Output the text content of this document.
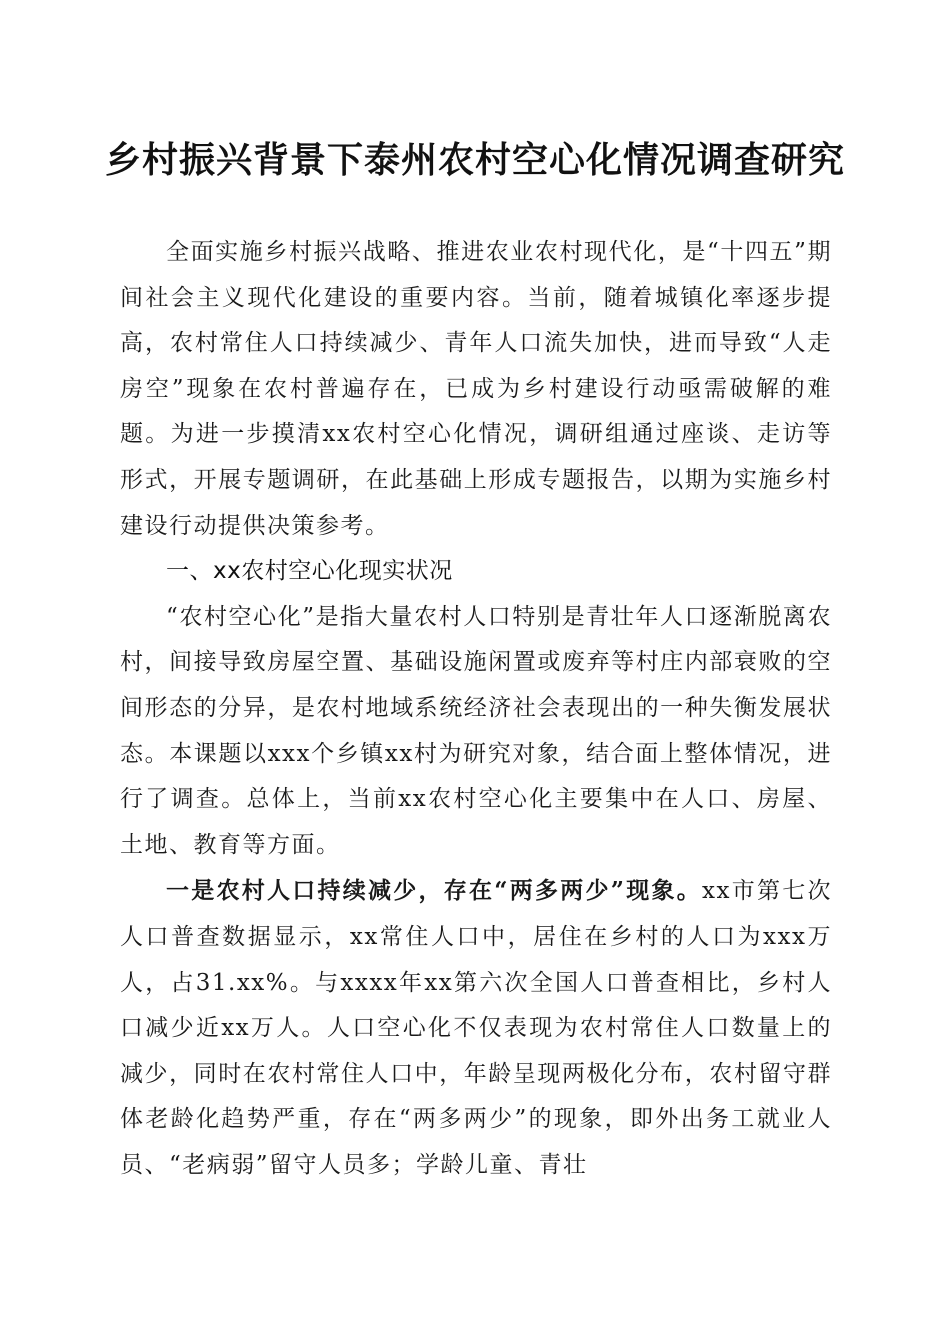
乡村振兴背景下泰州农村空心化情况调查研究

全面实施乡村振兴战略、推进农业农村现代化，是“十四五”期间社会主义现代化建设的重要内容。当前，随着城镇化率逐步提高，农村常住人口持续减少、青年人口流失加快，进而导致“人走房空”现象在农村普遍存在，已成为乡村建设行动亟需破解的难题。为进一步摸清xx农村空心化情况，调研组通过座谈、走访等形式，开展专题调研，在此基础上形成专题报告，以期为实施乡村建设行动提供决策参考。

一、xx农村空心化现实状况

“农村空心化”是指大量农村人口特别是青壮年人口逐渐脱离农村，间接导致房屋空置、基础设施闲置或废弃等村庄内部衰败的空间形态的分异，是农村地域系统经济社会表现出的一种失衡发展状态。本课题以xxx个乡镇xx村为研究对象，结合面上整体情况，进行了调查。总体上，当前xx农村空心化主要集中在人口、房屋、土地、教育等方面。

一是农村人口持续减少，存在“两多两少”现象。xx市第七次人口普查数据显示，xx常住人口中，居住在乡村的人口为xxx万人，占31.xx%。与xxxx年xx第六次全国人口普查相比，乡村人口减少近xx万人。人口空心化不仅表现为农村常住人口数量上的减少，同时在农村常住人口中，年龄呈现两极化分布，农村留守群体老龄化趋势严重，存在“两多两少”的现象，即外出务工就业人员、“老病弱”留守人员多；学龄儿童、青壮
